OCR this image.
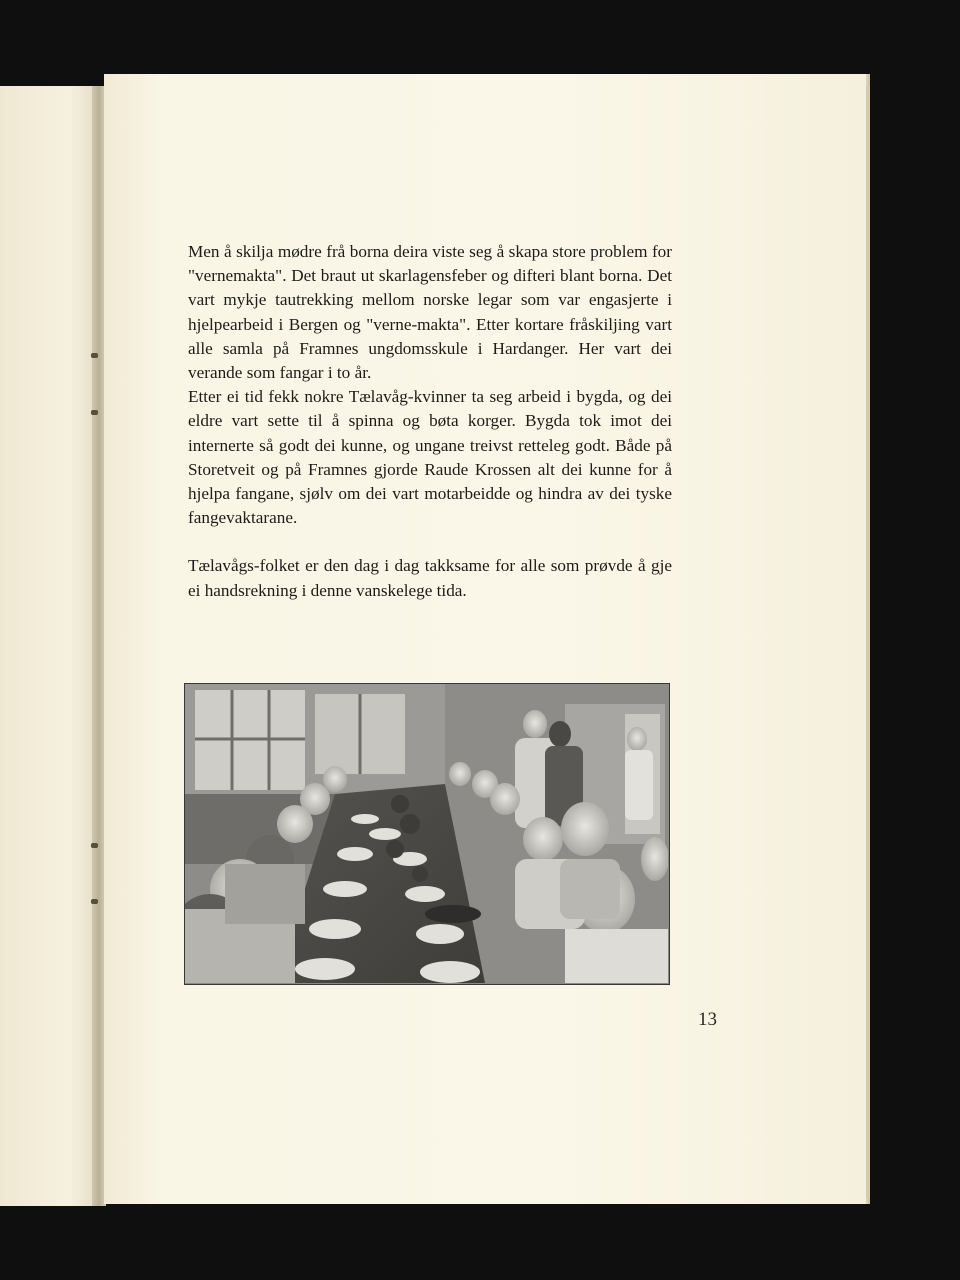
Men å skilja mødre frå borna deira viste seg å skapa store problem for "vernemakta". Det braut ut skarlagensfeber og difteri blant borna. Det vart mykje tautrekking mellom norske legar som var engasjerte i hjelpearbeid i Bergen og "verne-makta". Etter kortare fråskiljing vart alle samla på Framnes ungdomsskule i Hardanger. Her vart dei verande som fangar i to år.

Etter ei tid fekk nokre Tælavåg-kvinner ta seg arbeid i bygda, og dei eldre vart sette til å spinna og bøta korger. Bygda tok imot dei internerte så godt dei kunne, og ungane treivst retteleg godt. Både på Storetveit og på Framnes gjorde Raude Krossen alt dei kunne for å hjelpa fangane, sjølv om dei vart motarbeidde og hindra av dei tyske fangevaktarane.

Tælavågs-folket er den dag i dag takksame for alle som prøvde å gje ei handsrekning i denne vanskelege tida.

13
